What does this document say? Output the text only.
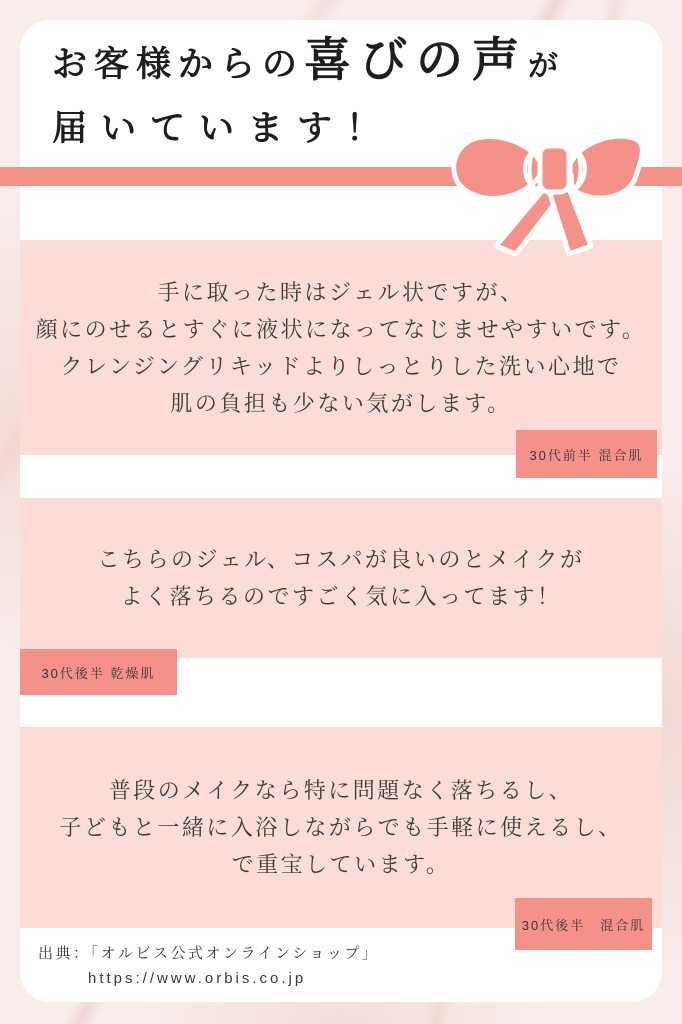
お客様からの喜びの声が
届いています！

手に取った時はジェル状ですが、

顔にのせるとすぐに液状になってなじませやすいです。

クレンジングリキッドよりしっとりした洗い心地で

肌の負担も少ない気がします。

30代前半 混合肌

こちらのジェル、コスパが良いのとメイクが

よく落ちるのですごく気に入ってます！

30代後半 乾燥肌

普段のメイクなら特に問題なく落ちるし、

子どもと一緒に入浴しながらでも手軽に使えるし、

で重宝しています。

30代後半　混合肌

出典：「オルビス公式オンラインショップ」

https://www.orbis.co.jp
